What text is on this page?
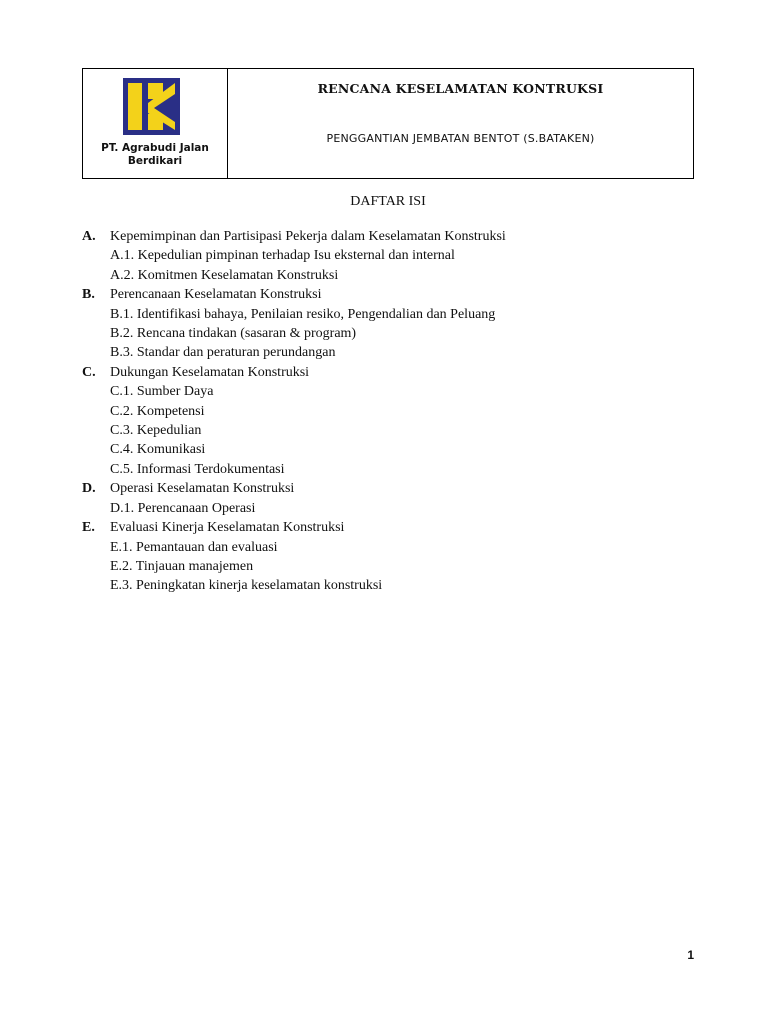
PT. Agrabudi Jalan Berdikari
RENCANA KESELAMATAN KONTRUKSI
PENGGANTIAN JEMBATAN BENTOT (S.BATAKEN)
DAFTAR ISI
A.	Kepemimpinan dan Partisipasi Pekerja dalam Keselamatan Konstruksi
A.1. Kepedulian pimpinan terhadap Isu eksternal dan internal
A.2. Komitmen Keselamatan Konstruksi
B.	Perencanaan Keselamatan Konstruksi
B.1. Identifikasi bahaya, Penilaian resiko, Pengendalian dan Peluang
B.2. Rencana tindakan (sasaran & program)
B.3. Standar dan peraturan perundangan
C.	Dukungan Keselamatan Konstruksi
C.1. Sumber Daya
C.2. Kompetensi
C.3. Kepedulian
C.4. Komunikasi
C.5. Informasi Terdokumentasi
D.	Operasi Keselamatan Konstruksi
D.1. Perencanaan Operasi
E.	Evaluasi Kinerja Keselamatan Konstruksi
E.1. Pemantauan dan evaluasi
E.2. Tinjauan manajemen
E.3. Peningkatan kinerja keselamatan konstruksi
1
